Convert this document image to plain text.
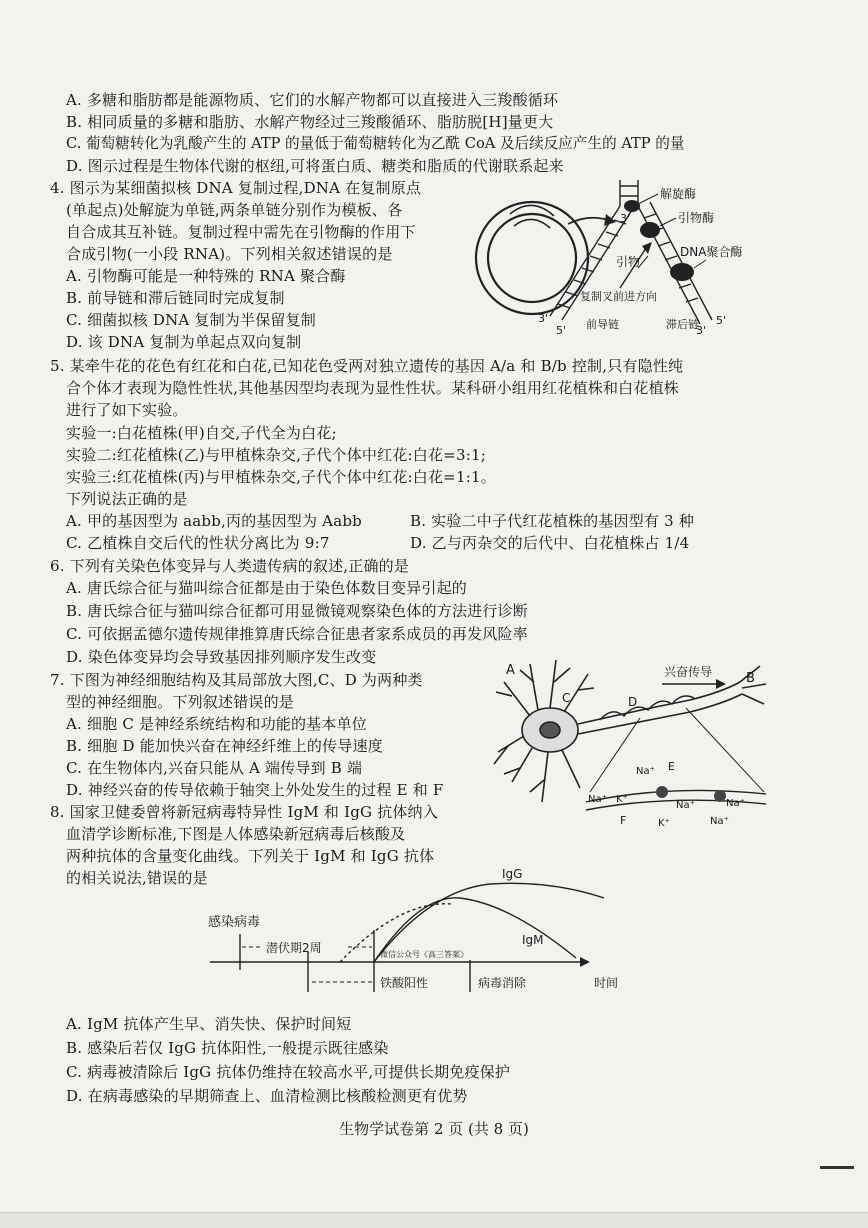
A. 多糖和脂肪都是能源物质、它们的水解产物都可以直接进入三羧酸循环
B. 相同质量的多糖和脂肪、水解产物经过三羧酸循环、脂肪脱[H]量更大
C. 葡萄糖转化为乳酸产生的 ATP 的量低于葡萄糖转化为乙酰 CoA 及后续反应产生的 ATP 的量
D. 图示过程是生物体代谢的枢纽,可将蛋白质、糖类和脂质的代谢联系起来
4. 图示为某细菌拟核 DNA 复制过程,DNA 在复制原点
(单起点)处解旋为单链,两条单链分别作为模板、各
自合成其互补链。复制过程中需先在引物酶的作用下
合成引物(一小段 RNA)。下列相关叙述错误的是
A. 引物酶可能是一种特殊的 RNA 聚合酶
B. 前导链和滞后链同时完成复制
C. 细菌拟核 DNA 复制为半保留复制
D. 该 DNA 复制为单起点双向复制
解旋酶
引物酶
DNA聚合酶
引物
复制叉前进方向
前导链	滞后链
3'
3'
5'	3'
5'
5. 某牵牛花的花色有红花和白花,已知花色受两对独立遗传的基因 A/a 和 B/b 控制,只有隐性纯
合个体才表现为隐性性状,其他基因型均表现为显性性状。某科研小组用红花植株和白花植株
进行了如下实验。
实验一:白花植株(甲)自交,子代全为白花;
实验二:红花植株(乙)与甲植株杂交,子代个体中红花:白花=3:1;
实验三:红花植株(丙)与甲植株杂交,子代个体中红花:白花=1:1。
下列说法正确的是
A. 甲的基因型为 aabb,丙的基因型为 Aabb	B. 实验二中子代红花植株的基因型有 3 种
C. 乙植株自交后代的性状分离比为 9:7	D. 乙与丙杂交的后代中、白花植株占 1/4
6. 下列有关染色体变异与人类遗传病的叙述,正确的是
A. 唐氏综合征与猫叫综合征都是由于染色体数目变异引起的
B. 唐氏综合征与猫叫综合征都可用显微镜观察染色体的方法进行诊断
C. 可依据孟德尔遗传规律推算唐氏综合征患者家系成员的再发风险率
D. 染色体变异均会导致基因排列顺序发生改变
7. 下图为神经细胞结构及其局部放大图,C、D 为两种类
型的神经细胞。下列叙述错误的是
A. 细胞 C 是神经系统结构和功能的基本单位
B. 细胞 D 能加快兴奋在神经纤维上的传导速度
C. 在生物体内,兴奋只能从 A 端传导到 B 端
D. 神经兴奋的传导依赖于轴突上外处发生的过程 E 和 F
A
B
C	D
兴奋传导
E
F
Na⁺
Na⁺ K⁺
Na⁺	Na⁺
K⁺	Na⁺
8. 国家卫健委曾将新冠病毒特异性 IgM 和 IgG 抗体纳入
血清学诊断标准,下图是人体感染新冠病毒后核酸及
两种抗体的含量变化曲线。下列关于 IgM 和 IgG 抗体
的相关说法,错误的是
感染病毒
潜伏期2周
IgG
IgM
铁酸阳性	病毒消除	时间
微信公众号《高三答案》
A. IgM 抗体产生早、消失快、保护时间短
B. 感染后若仅 IgG 抗体阳性,一般提示既往感染
C. 病毒被清除后 IgG 抗体仍维持在较高水平,可提供长期免疫保护
D. 在病毒感染的早期筛查上、血清检测比核酸检测更有优势
生物学试卷第 2 页 (共 8 页)
